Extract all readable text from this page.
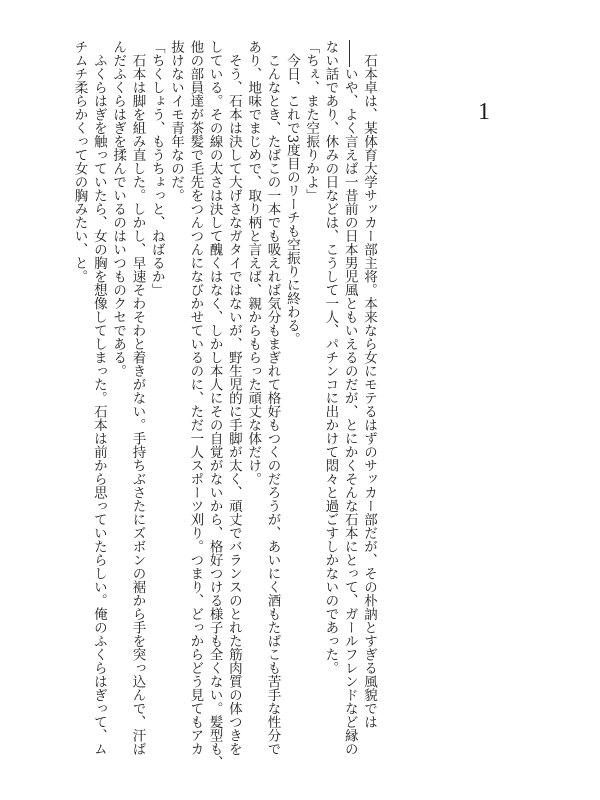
1

　石本卓は、某体育大学サッカー部主将。本来なら女にモテるはずのサッカー部だが、その朴訥とすぎる風貌では

――いや、よく言えば一昔前の日本男児風ともいえるのだが、とにかくそんな石本にとって、ガールフレンドなど縁の

ない話であり、休みの日などは、こうして一人、パチンコに出かけて悶々と過ごすしかないのであった。

「ちぇ、また空振りかよ」

　今日、これで3度目のリーチも空振りに終わる。

　こんなとき、たばこの一本でも吸えれば気分もまぎれて格好もつくのだろうが、あいにく酒もたばこも苦手な性分で

あり、地味でまじめで、取り柄と言えば、親からもらった頑丈な体だけ。

　そう、石本は決して大げさなガタイではないが、野生児的に手脚が太く、頑丈でバランスのとれた筋肉質の体つきを

している。その線の太さは決して醜くはなく、しかし本人にその自覚がないから、格好つける様子も全くない。髪型も、

他の部員達が茶髪で毛先をつんつんになびかせているのに、ただ一人スポーツ刈り。つまり、どっからどう見てもアカ

抜けないイモ青年なのだ。

「ちくしょう、もうちょっと、ねばるか」

　石本は脚を組み直した。しかし、早速そわそわと着きがない。手持ちぶさたにズボンの裾から手を突っ込んで、汗ば

んだふくらはぎを揉んでいるのはいつものクセである。

　ふくらはぎを触っていたら、女の胸を想像してしまった。石本は前から思っていたらしい。俺のふくらはぎって、ム

チムチ柔らかくって女の胸みたい、と。
